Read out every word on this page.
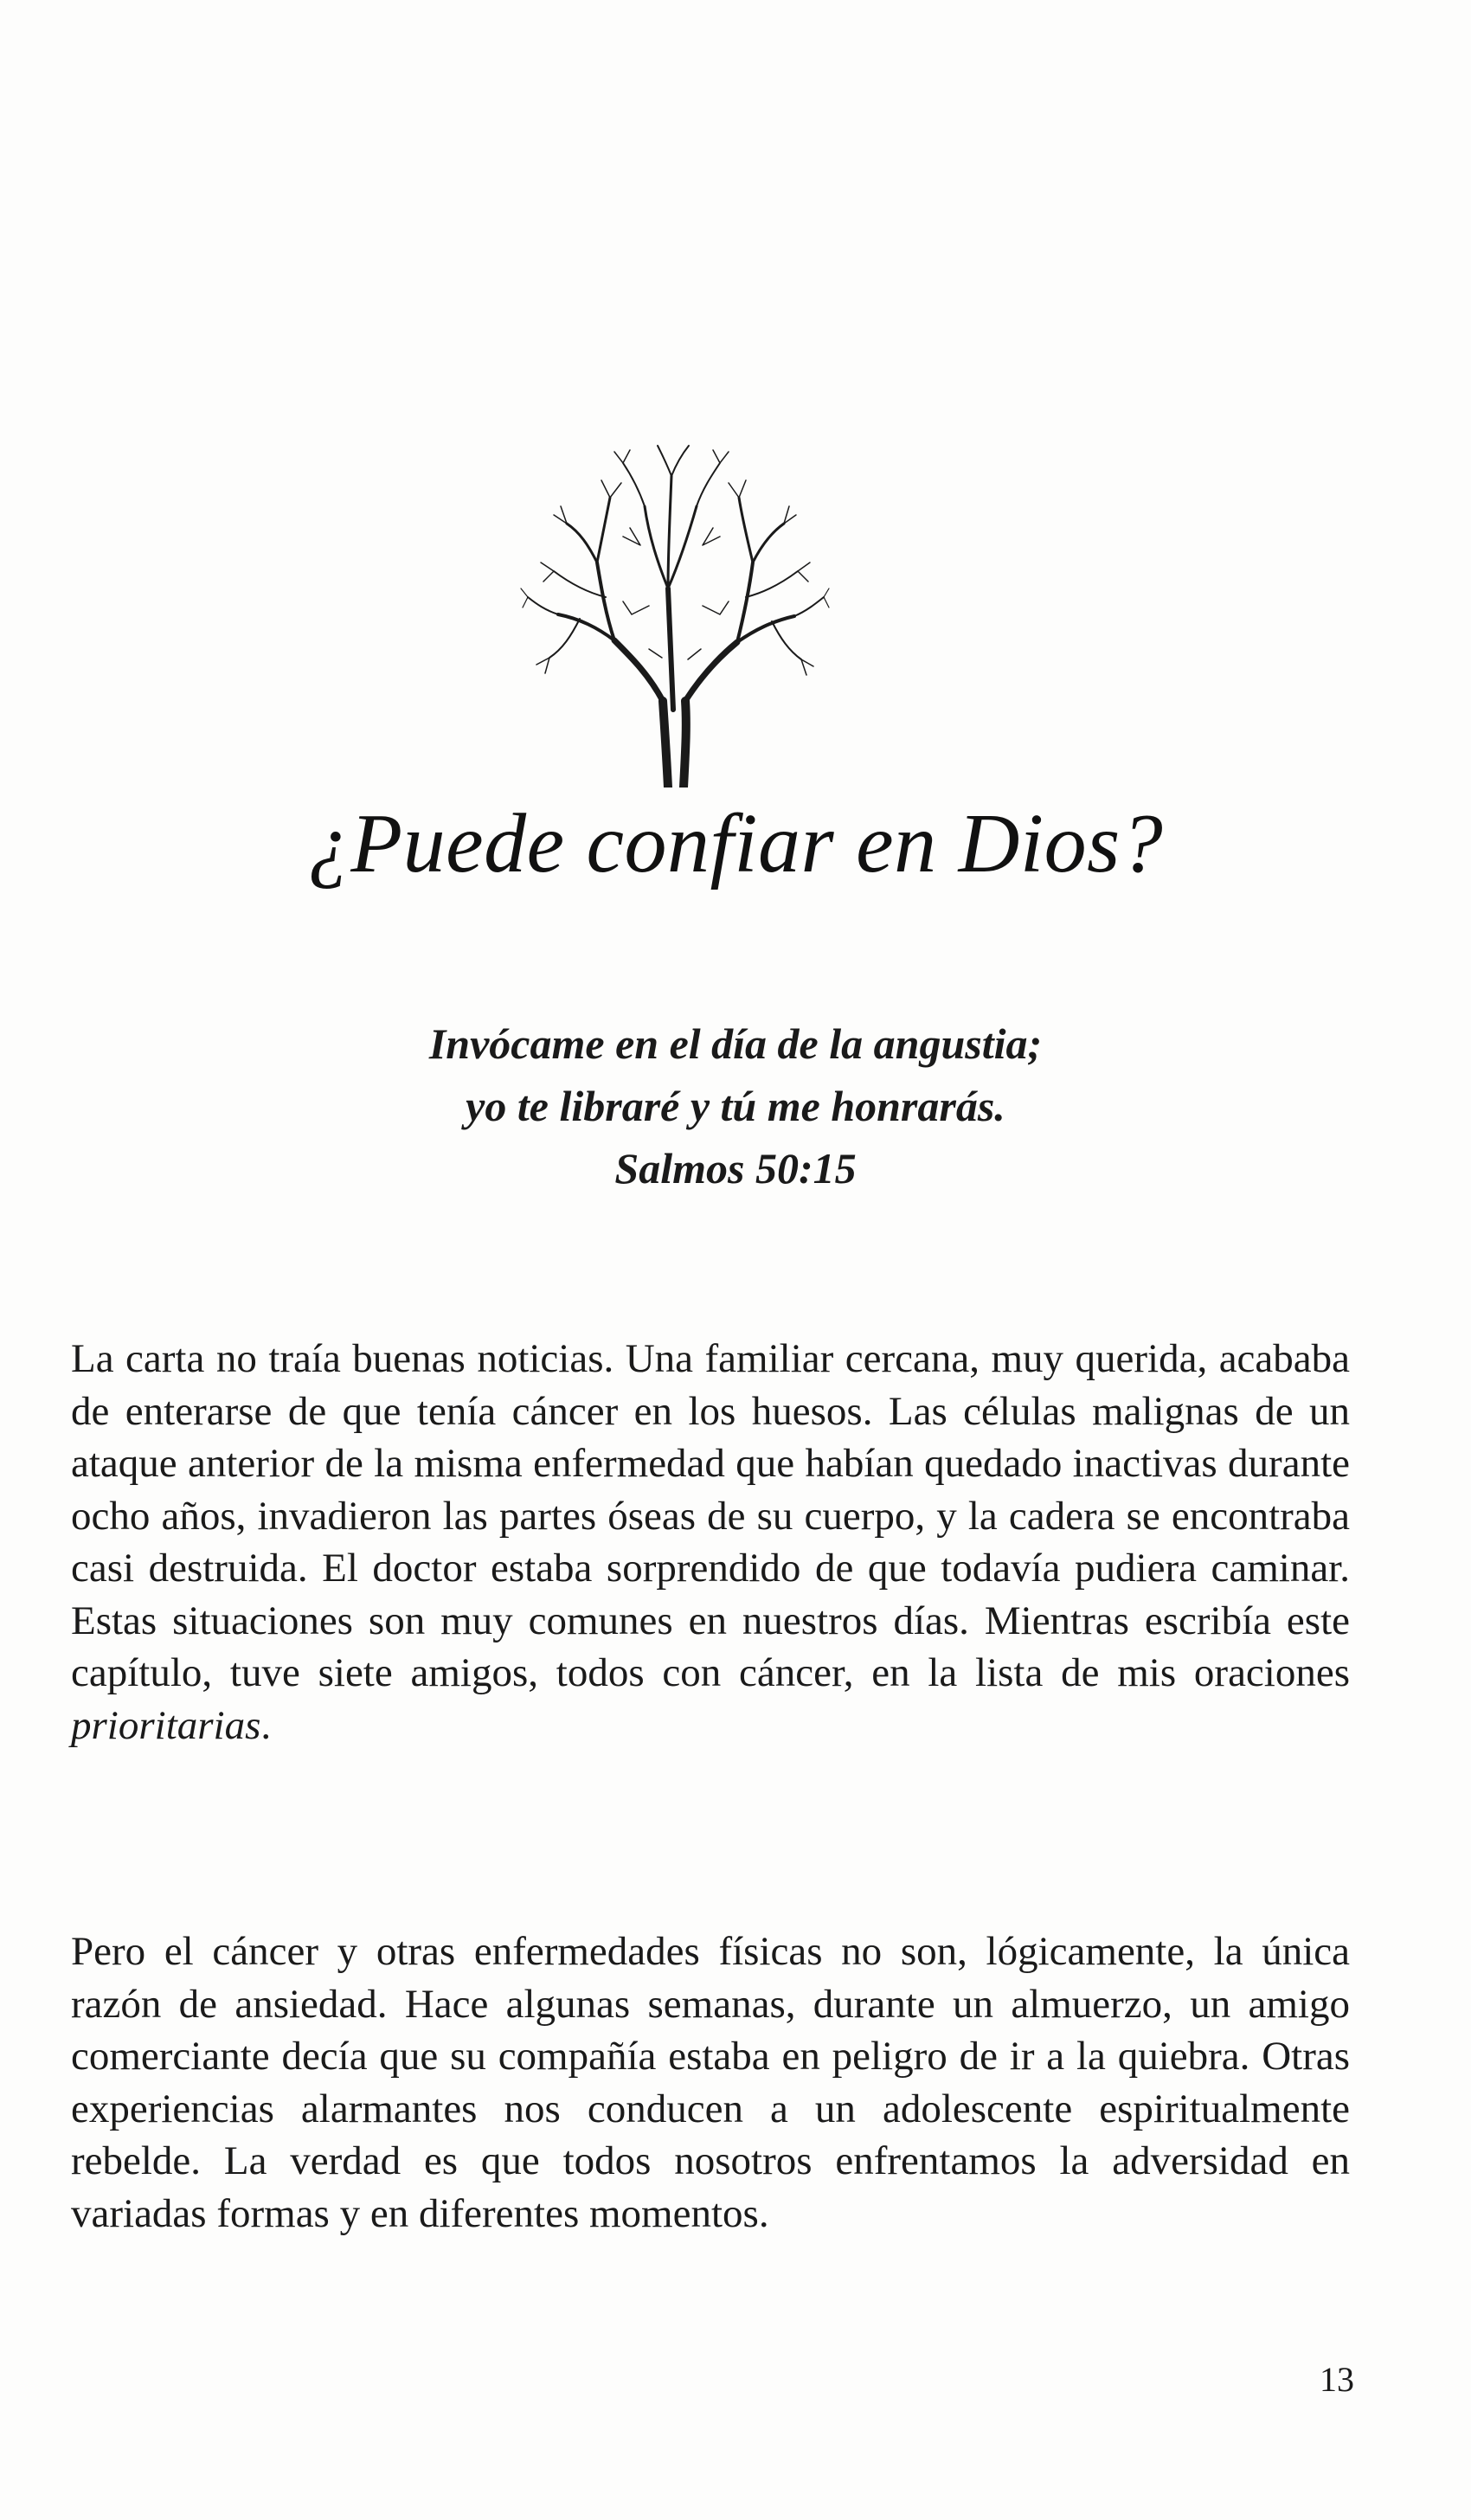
¿Puede confiar en Dios?
Invócame en el día de la angustia;
yo te libraré y tú me honrarás.
Salmos 50:15

La carta no traía buenas noticias. Una familiar cercana, muy querida, acababa de enterarse de que tenía cáncer en los huesos. Las células malignas de un ataque anterior de la misma enfermedad que habían quedado inactivas durante ocho años, invadieron las partes óseas de su cuerpo, y la cadera se encontraba casi destruida. El doctor estaba sorprendido de que todavía pudiera caminar. Estas situaciones son muy comunes en nuestros días. Mientras escribía este capítulo, tuve siete amigos, todos con cáncer, en la lista de mis oraciones prioritarias.

Pero el cáncer y otras enfermedades físicas no son, lógicamente, la única razón de ansiedad. Hace algunas semanas, durante un almuerzo, un amigo comerciante decía que su compañía estaba en peligro de ir a la quiebra. Otras experiencias alarmantes nos conducen a un adolescente espiritualmente rebelde. La verdad es que todos nosotros enfrentamos la adversidad en variadas formas y en diferentes momentos.

13
